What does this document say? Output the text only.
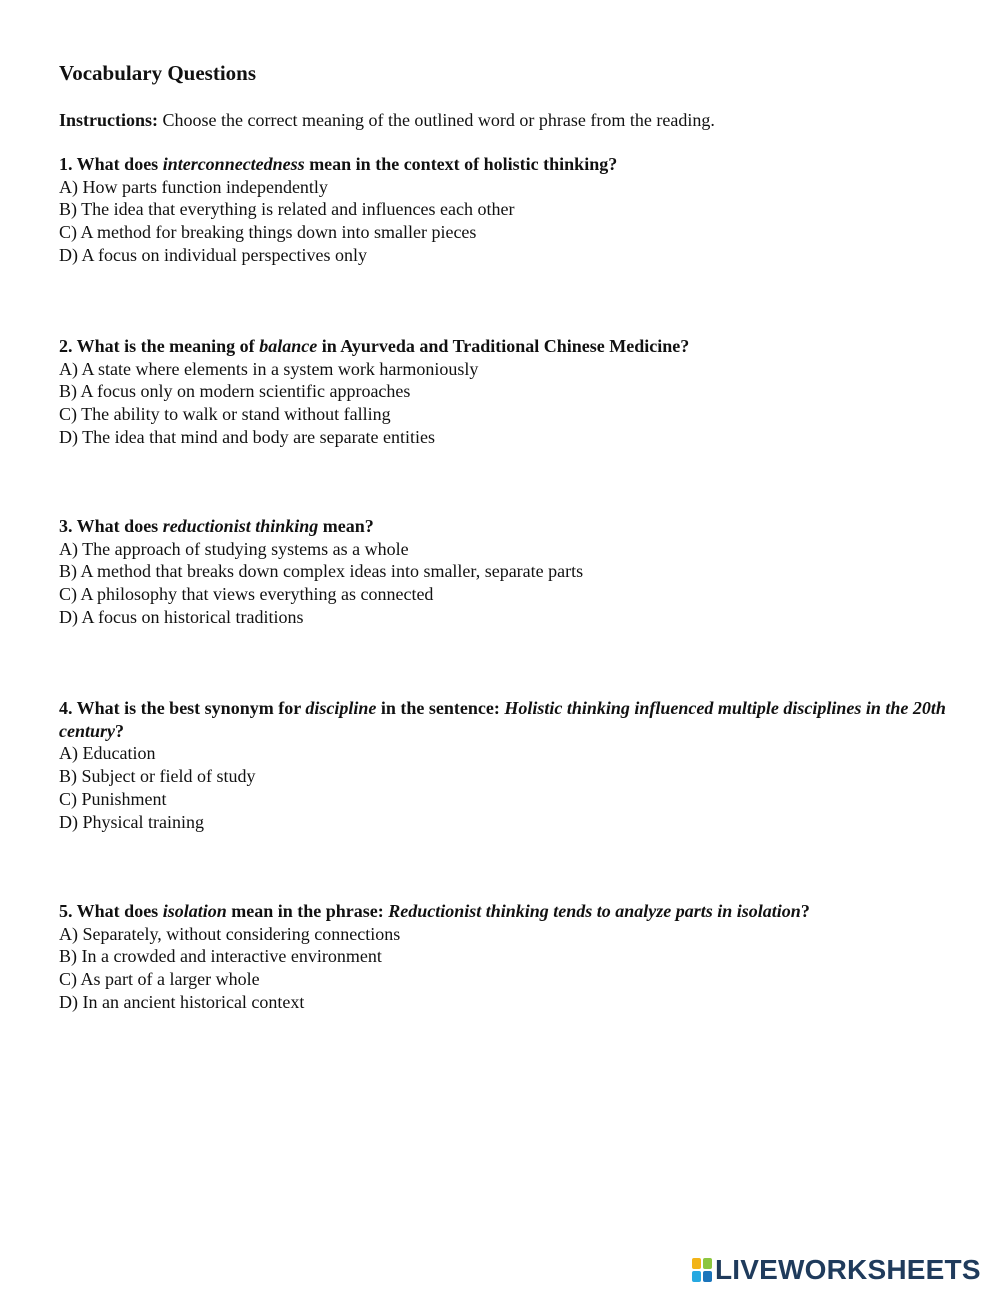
Vocabulary Questions
Instructions: Choose the correct meaning of the outlined word or phrase from the reading.
1. What does interconnectedness mean in the context of holistic thinking?
A) How parts function independently
B) The idea that everything is related and influences each other
C) A method for breaking things down into smaller pieces
D) A focus on individual perspectives only
2. What is the meaning of balance in Ayurveda and Traditional Chinese Medicine?
A) A state where elements in a system work harmoniously
B) A focus only on modern scientific approaches
C) The ability to walk or stand without falling
D) The idea that mind and body are separate entities
3. What does reductionist thinking mean?
A) The approach of studying systems as a whole
B) A method that breaks down complex ideas into smaller, separate parts
C) A philosophy that views everything as connected
D) A focus on historical traditions
4. What is the best synonym for discipline in the sentence: Holistic thinking influenced multiple disciplines in the 20th century?
A) Education
B) Subject or field of study
C) Punishment
D) Physical training
5. What does isolation mean in the phrase: Reductionist thinking tends to analyze parts in isolation?
A) Separately, without considering connections
B) In a crowded and interactive environment
C) As part of a larger whole
D) In an ancient historical context
LIVEWORKSHEETS
